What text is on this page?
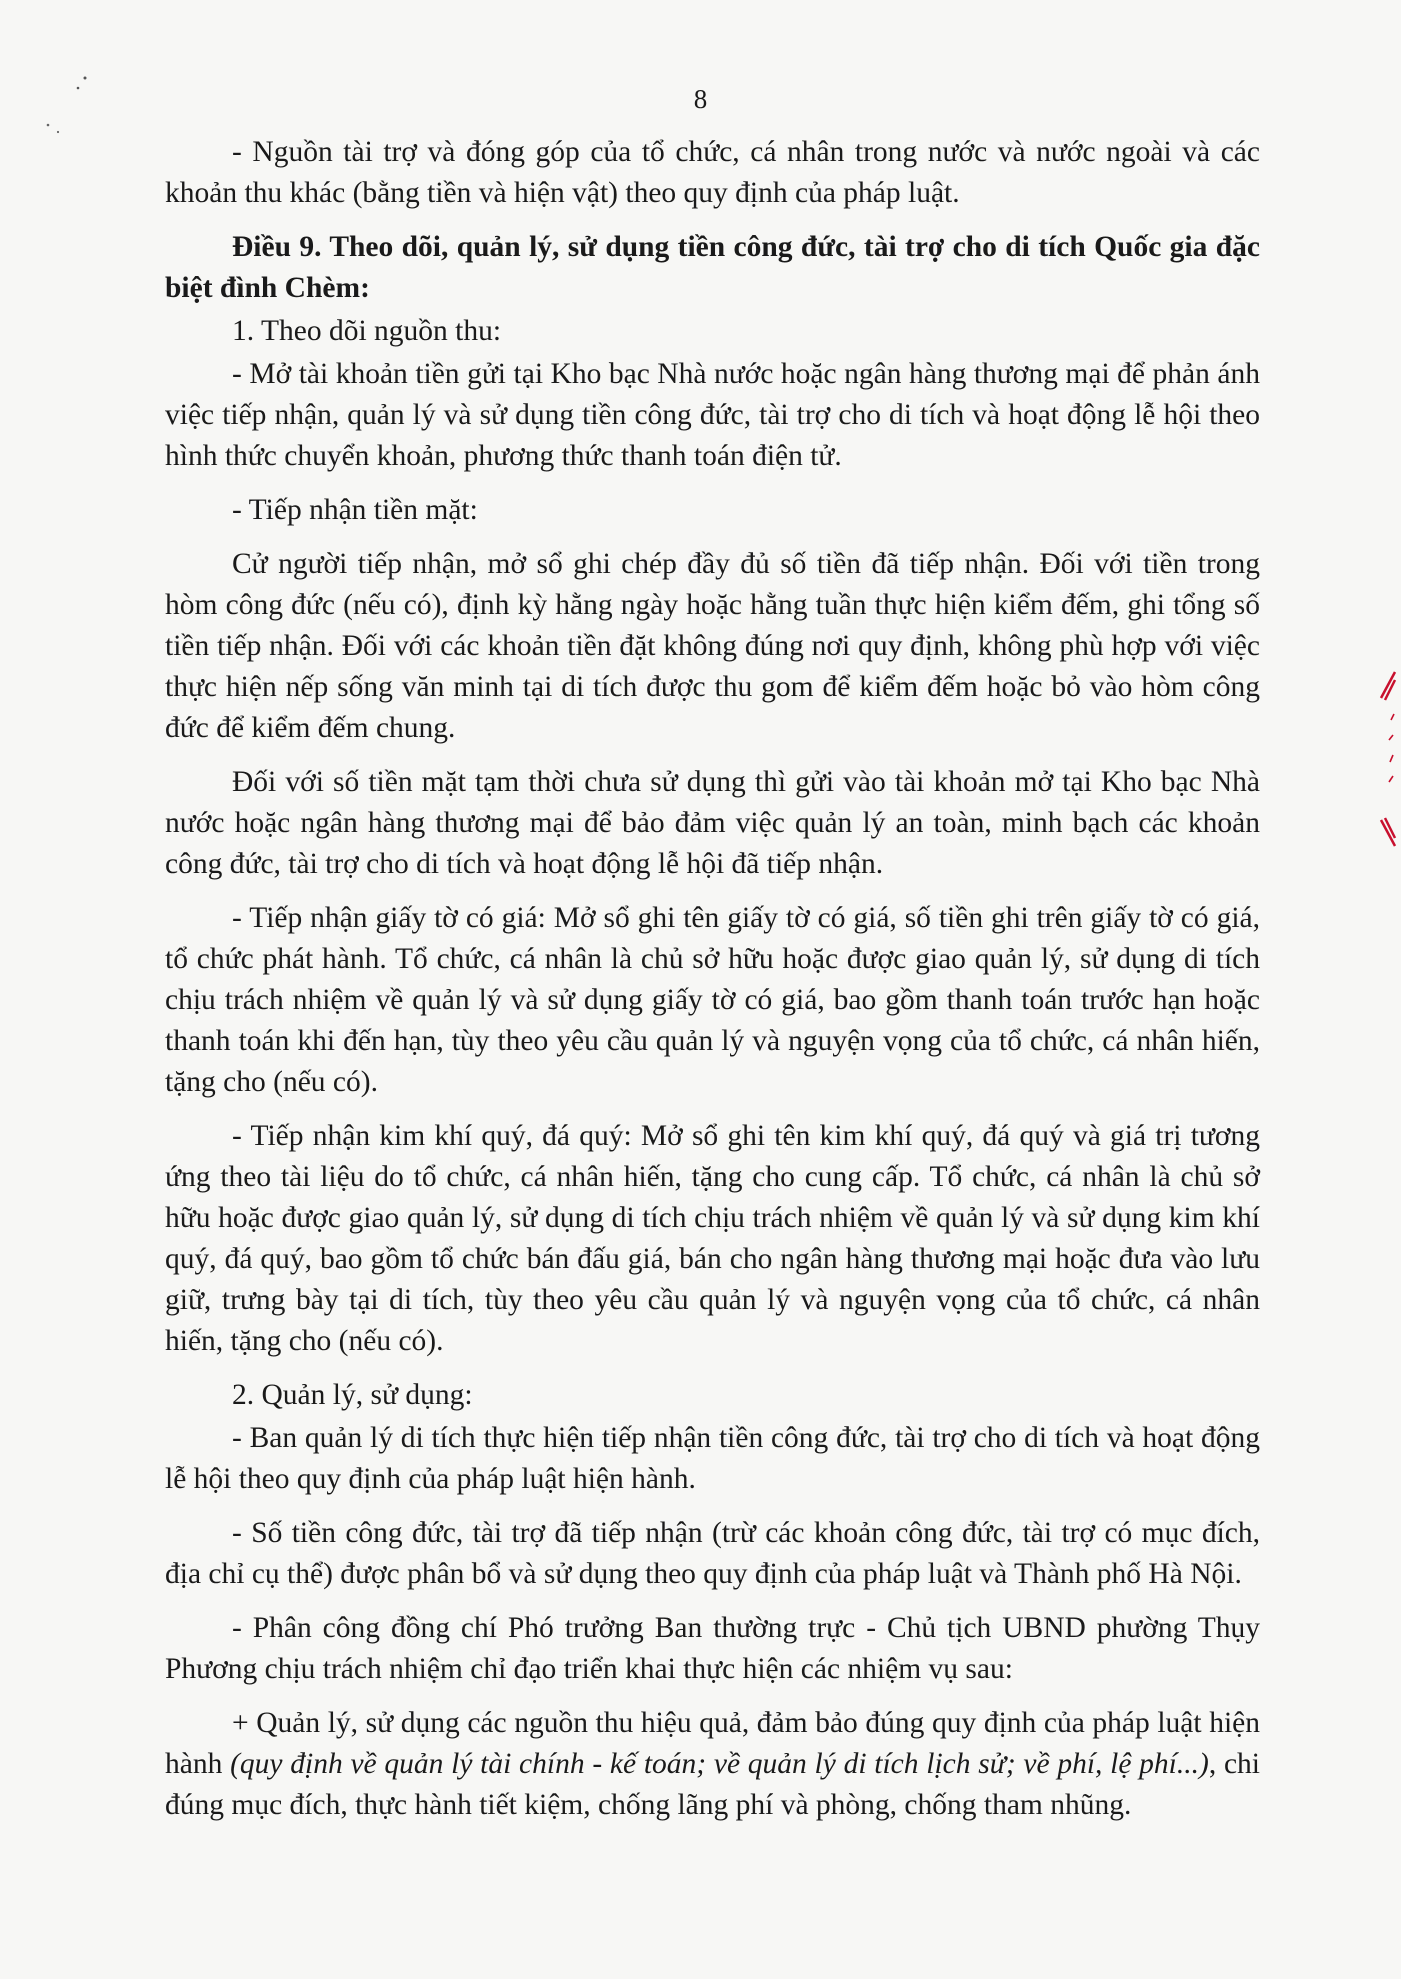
8

- Nguồn tài trợ và đóng góp của tổ chức, cá nhân trong nước và nước ngoài và các khoản thu khác (bằng tiền và hiện vật) theo quy định của pháp luật.

Điều 9. Theo dõi, quản lý, sử dụng tiền công đức, tài trợ cho di tích Quốc gia đặc biệt đình Chèm:

1. Theo dõi nguồn thu:

- Mở tài khoản tiền gửi tại Kho bạc Nhà nước hoặc ngân hàng thương mại để phản ánh việc tiếp nhận, quản lý và sử dụng tiền công đức, tài trợ cho di tích và hoạt động lễ hội theo hình thức chuyển khoản, phương thức thanh toán điện tử.

- Tiếp nhận tiền mặt:

Cử người tiếp nhận, mở sổ ghi chép đầy đủ số tiền đã tiếp nhận. Đối với tiền trong hòm công đức (nếu có), định kỳ hằng ngày hoặc hằng tuần thực hiện kiểm đếm, ghi tổng số tiền tiếp nhận. Đối với các khoản tiền đặt không đúng nơi quy định, không phù hợp với việc thực hiện nếp sống văn minh tại di tích được thu gom để kiểm đếm hoặc bỏ vào hòm công đức để kiểm đếm chung.

Đối với số tiền mặt tạm thời chưa sử dụng thì gửi vào tài khoản mở tại Kho bạc Nhà nước hoặc ngân hàng thương mại để bảo đảm việc quản lý an toàn, minh bạch các khoản công đức, tài trợ cho di tích và hoạt động lễ hội đã tiếp nhận.

- Tiếp nhận giấy tờ có giá: Mở sổ ghi tên giấy tờ có giá, số tiền ghi trên giấy tờ có giá, tổ chức phát hành. Tổ chức, cá nhân là chủ sở hữu hoặc được giao quản lý, sử dụng di tích chịu trách nhiệm về quản lý và sử dụng giấy tờ có giá, bao gồm thanh toán trước hạn hoặc thanh toán khi đến hạn, tùy theo yêu cầu quản lý và nguyện vọng của tổ chức, cá nhân hiến, tặng cho (nếu có).

- Tiếp nhận kim khí quý, đá quý: Mở sổ ghi tên kim khí quý, đá quý và giá trị tương ứng theo tài liệu do tổ chức, cá nhân hiến, tặng cho cung cấp. Tổ chức, cá nhân là chủ sở hữu hoặc được giao quản lý, sử dụng di tích chịu trách nhiệm về quản lý và sử dụng kim khí quý, đá quý, bao gồm tổ chức bán đấu giá, bán cho ngân hàng thương mại hoặc đưa vào lưu giữ, trưng bày tại di tích, tùy theo yêu cầu quản lý và nguyện vọng của tổ chức, cá nhân hiến, tặng cho (nếu có).

2. Quản lý, sử dụng:

- Ban quản lý di tích thực hiện tiếp nhận tiền công đức, tài trợ cho di tích và hoạt động lễ hội theo quy định của pháp luật hiện hành.

- Số tiền công đức, tài trợ đã tiếp nhận (trừ các khoản công đức, tài trợ có mục đích, địa chỉ cụ thể) được phân bổ và sử dụng theo quy định của pháp luật và Thành phố Hà Nội.

- Phân công đồng chí Phó trưởng Ban thường trực - Chủ tịch UBND phường Thụy Phương chịu trách nhiệm chỉ đạo triển khai thực hiện các nhiệm vụ sau:

+ Quản lý, sử dụng các nguồn thu hiệu quả, đảm bảo đúng quy định của pháp luật hiện hành (quy định về quản lý tài chính - kế toán; về quản lý di tích lịch sử; về phí, lệ phí...), chi đúng mục đích, thực hành tiết kiệm, chống lãng phí và phòng, chống tham nhũng.
